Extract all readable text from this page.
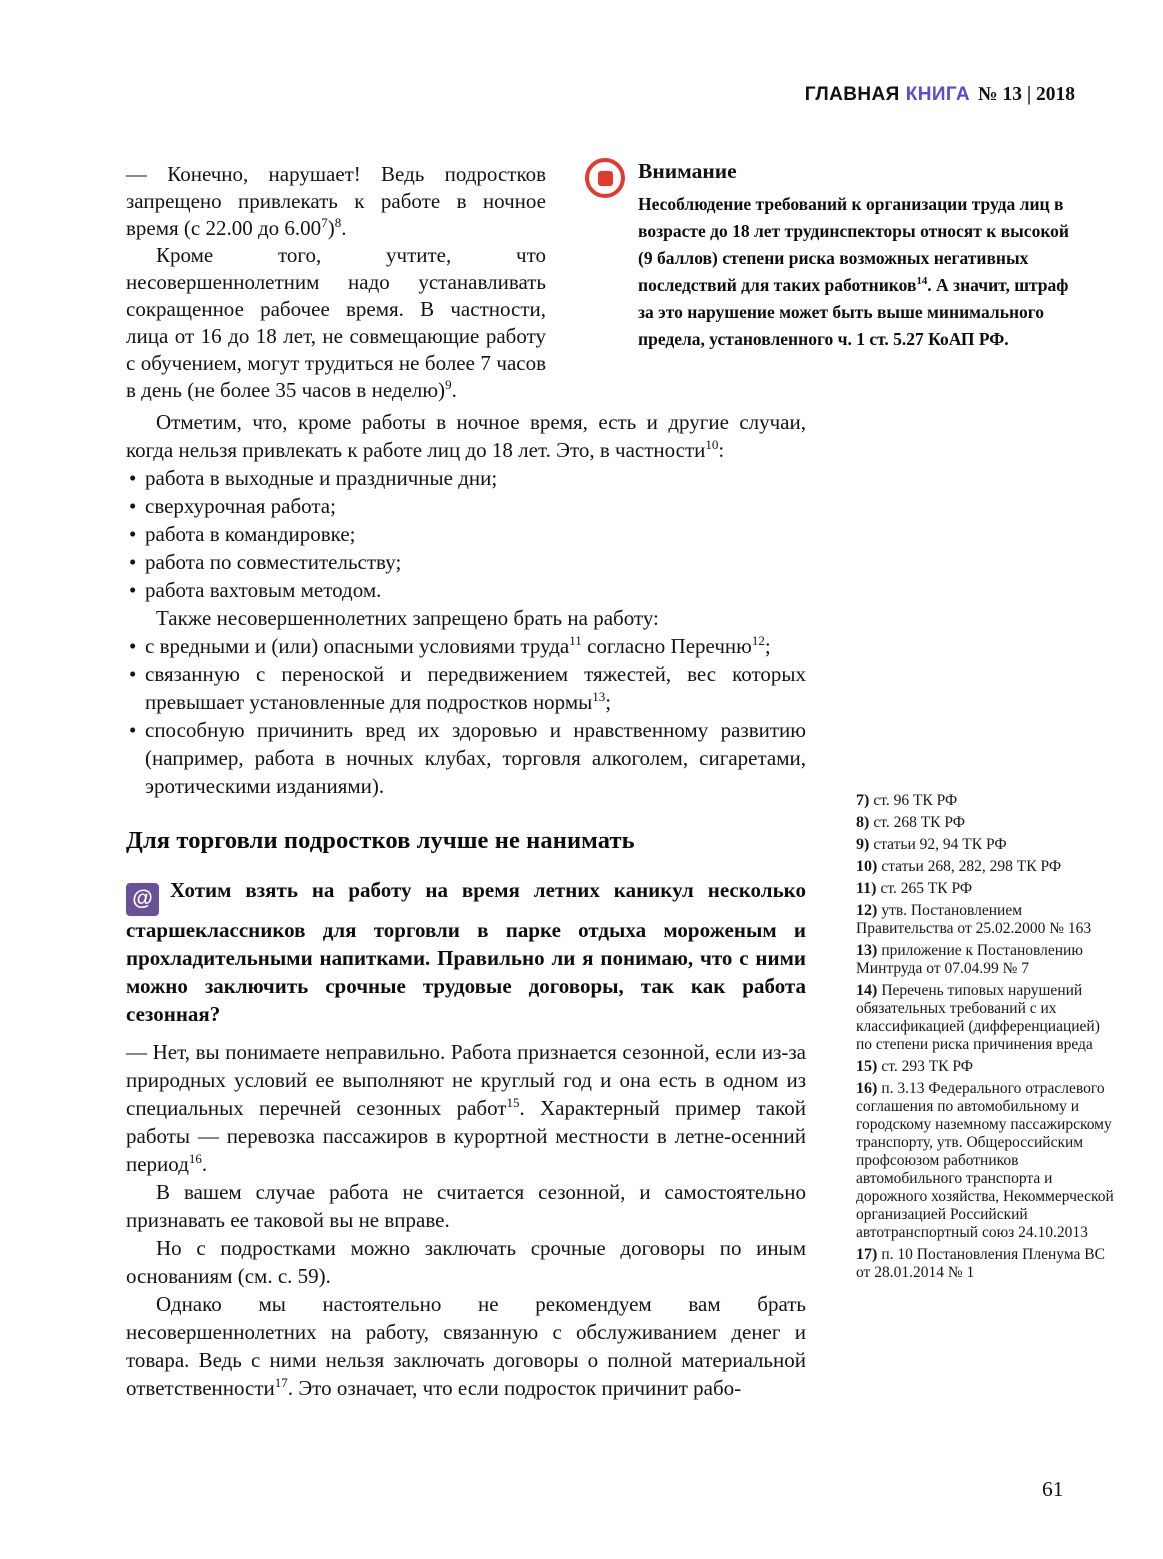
ГЛАВНАЯ КНИГА № 13 | 2018

— Конечно, нарушает! Ведь подростков запрещено привлекать к работе в ночное время (с 22.00 до 6.00$^7$)$^8$.

Кроме того, учтите, что несовершеннолетним надо устанавливать сокращенное рабочее время. В частности, лица от 16 до 18 лет, не совмещающие работу с обучением, могут трудиться не более 7 часов в день (не более 35 часов в неделю)$^9$.

Внимание

Несоблюдение требований к организации труда лиц в возрасте до 18 лет трудинспекторы относят к высокой (9 баллов) степени риска возможных негативных последствий для таких работников$^{14}$. А значит, штраф за это нарушение может быть выше минимального предела, установленного ч. 1 ст. 5.27 КоАП РФ.

Отметим, что, кроме работы в ночное время, есть и другие случаи, когда нельзя привлекать к работе лиц до 18 лет. Это, в частности$^{10}$:

• работа в выходные и праздничные дни;
• сверхурочная работа;
• работа в командировке;
• работа по совместительству;
• работа вахтовым методом.

Также несовершеннолетних запрещено брать на работу:

• с вредными и (или) опасными условиями труда$^{11}$ согласно Перечню$^{12}$;
• связанную с переноской и передвижением тяжестей, вес которых превышает установленные для подростков нормы$^{13}$;
• способную причинить вред их здоровью и нравственному развитию (например, работа в ночных клубах, торговля алкоголем, сигаретами, эротическими изданиями).
Для торговли подростков лучше не нанимать

@ Хотим взять на работу на время летних каникул несколько старшеклассников для торговли в парке отдыха мороженым и прохладительными напитками. Правильно ли я понимаю, что с ними можно заключить срочные трудовые договоры, так как работа сезонная?

— Нет, вы понимаете неправильно. Работа признается сезонной, если из-за природных условий ее выполняют не круглый год и она есть в одном из специальных перечней сезонных работ$^{15}$. Характерный пример такой работы — перевозка пассажиров в курортной местности в летне-осенний период$^{16}$.

В вашем случае работа не считается сезонной, и самостоятельно признавать ее таковой вы не вправе.

Но с подростками можно заключать срочные договоры по иным основаниям (см. с. 59).

Однако мы настоятельно не рекомендуем вам брать несовершеннолетних на работу, связанную с обслуживанием денег и товара. Ведь с ними нельзя заключать договоры о полной материальной ответственности$^{17}$. Это означает, что если подросток причинит рабо-

7) ст. 96 ТК РФ

8) ст. 268 ТК РФ

9) статьи 92, 94 ТК РФ

10) статьи 268, 282, 298 ТК РФ

11) ст. 265 ТК РФ

12) утв. Постановлением Правительства от 25.02.2000 № 163

13) приложение к Постановлению Минтруда от 07.04.99 № 7

14) Перечень типовых нарушений обязательных требований с их классификацией (дифференциацией) по степени риска причинения вреда

15) ст. 293 ТК РФ

16) п. 3.13 Федерального отраслевого соглашения по автомобильному и городскому наземному пассажирскому транспорту, утв. Общероссийским профсоюзом работников автомобильного транспорта и дорожного хозяйства, Некоммерческой организацией Российский автотранспортный союз 24.10.2013

17) п. 10 Постановления Пленума ВС от 28.01.2014 № 1

61
